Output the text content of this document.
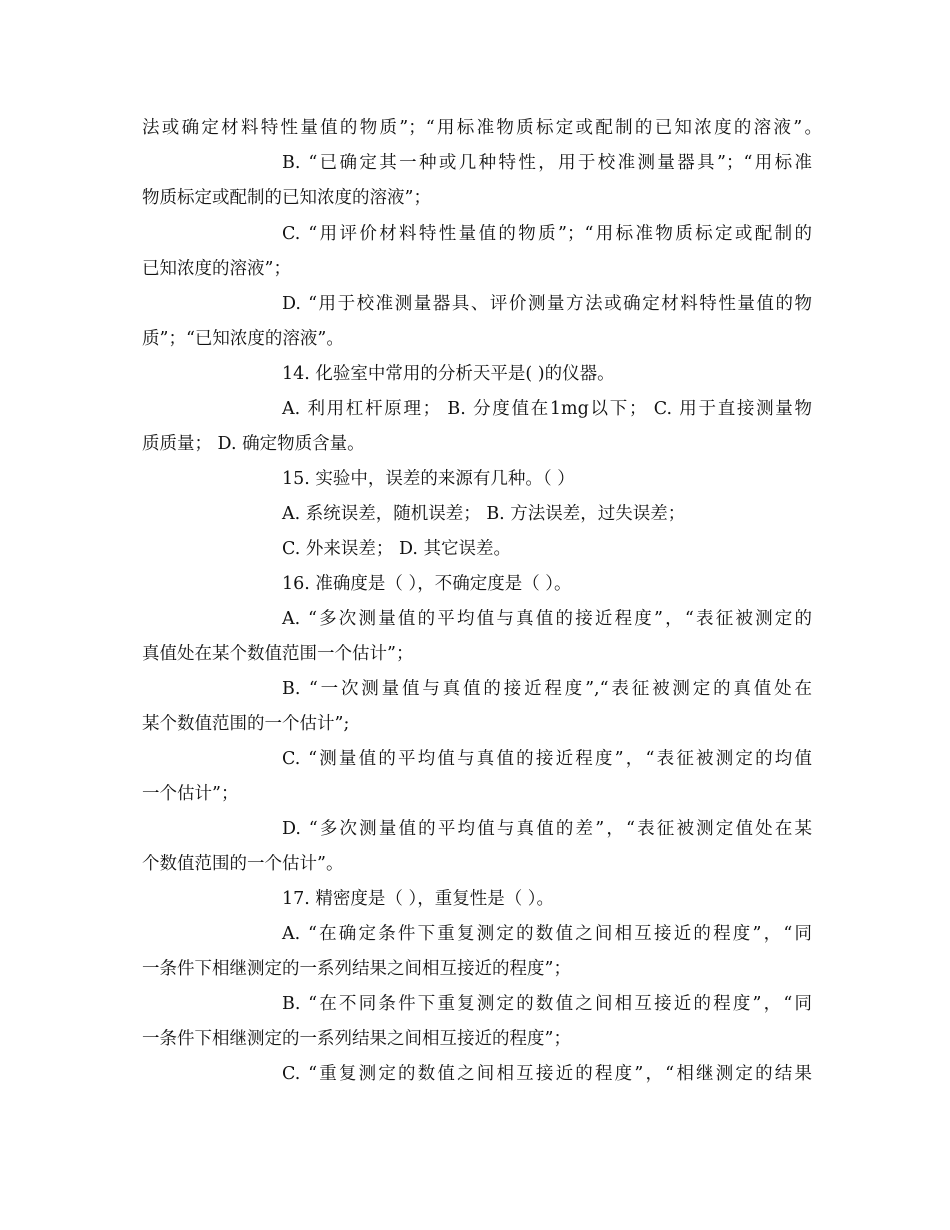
法或确定材料特性量值的物质”；“用标准物质标定或配制的已知浓度的溶液”。
B. “已确定其一种或几种特性，用于校准测量器具”；“用标准
物质标定或配制的已知浓度的溶液”；
C. “用评价材料特性量值的物质”；“用标准物质标定或配制的
已知浓度的溶液”；
D. “用于校准测量器具、评价测量方法或确定材料特性量值的物
质”；“已知浓度的溶液”。
14. 化验室中常用的分析天平是( )的仪器。
A. 利用杠杆原理； B. 分度值在1mg以下； C. 用于直接测量物
质质量； D. 确定物质含量。
15. 实验中，误差的来源有几种。（ ）
A. 系统误差，随机误差； B. 方法误差，过失误差；
C. 外来误差； D. 其它误差。
16. 准确度是（ ），不确定度是（ ）。
A. “多次测量值的平均值与真值的接近程度”，“表征被测定的
真值处在某个数值范围一个估计”；
B. “一次测量值与真值的接近程度”,“表征被测定的真值处在
某个数值范围的一个估计”;
C. “测量值的平均值与真值的接近程度”，“表征被测定的均值
一个估计”；
D. “多次测量值的平均值与真值的差”，“表征被测定值处在某
个数值范围的一个估计”。
17. 精密度是（ ），重复性是（ ）。
A. “在确定条件下重复测定的数值之间相互接近的程度”，“同
一条件下相继测定的一系列结果之间相互接近的程度”；
B. “在不同条件下重复测定的数值之间相互接近的程度”，“同
一条件下相继测定的一系列结果之间相互接近的程度”；
C. “重复测定的数值之间相互接近的程度”，“相继测定的结果
